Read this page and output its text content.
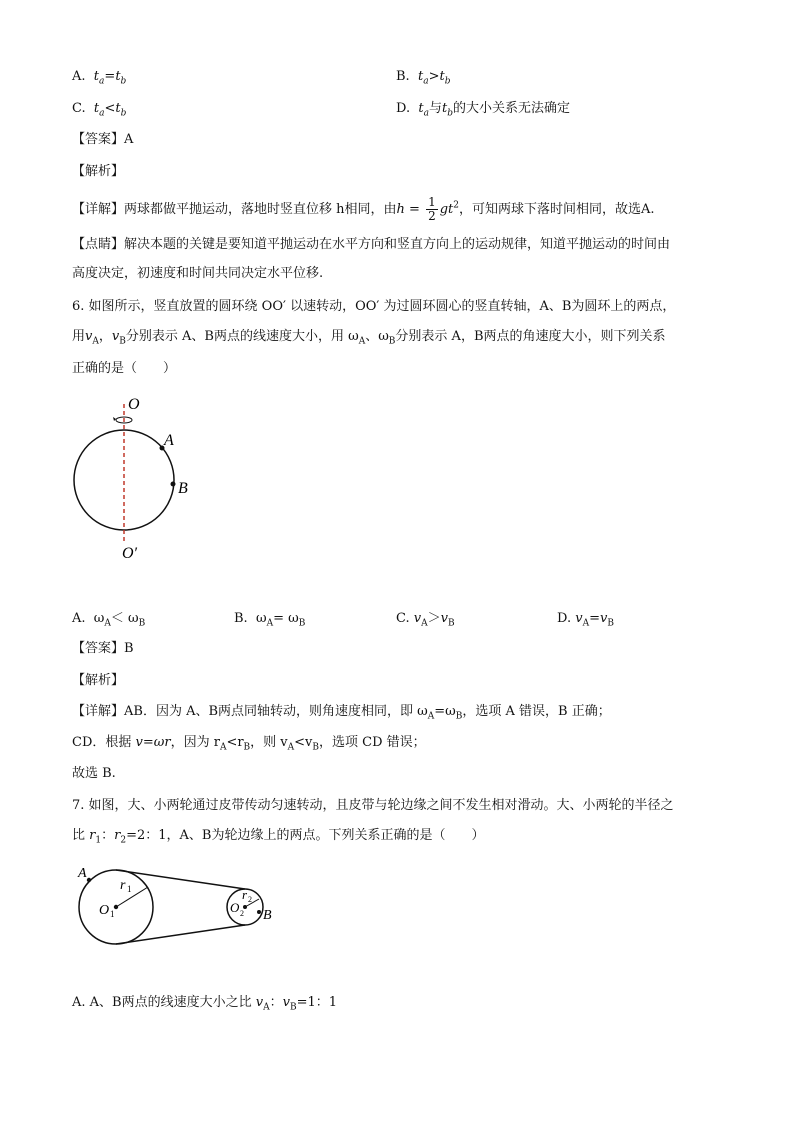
A. $t_a=t_b$	B. $t_a>t_b$
C. $t_a<t_b$	D. $t_a$与$t_b$的大小关系无法确定
【答案】A
【解析】
【详解】两球都做平抛运动，落地时竖直位移 h相同，由$h = \frac{1}{2} gt^2$，可知两球下落时间相同，故选A.
【点睛】解决本题的关键是要知道平抛运动在水平方向和竖直方向上的运动规律，知道平抛运动的时间由
高度决定，初速度和时间共同决定水平位移.
6. 如图所示，竖直放置的圆环绕 OO′ 以速转动，OO′ 为过圆环圆心的竖直转轴，A、B为圆环上的两点，
用$v_A$，$v_B$分别表示 A、B两点的线速度大小，用 $\omega_A$、$\omega_B$分别表示 A，B两点的角速度大小，则下列关系
正确的是（　　）
O
A
B
O′
A. $\omega_A< \omega_B$	B. $\omega_A= \omega_B$	C. $v_A>v_B$	D. $v_A=v_B$
【答案】B
【解析】
【详解】AB．因为 A、B两点同轴转动，则角速度相同，即 $\omega_A=\omega_B$，选项 A 错误，B 正确；
CD．根据 v=ωr，因为 $r_A<r_B$，则 $v_A<v_B$，选项 CD 错误；
故选 B.
7. 如图，大、小两轮通过皮带传动匀速转动，且皮带与轮边缘之间不发生相对滑动。大、小两轮的半径之
比 $r_1$：$r_2=2$：1，A、B为轮边缘上的两点。下列关系正确的是（　　）
A
B
r 1
O 1
r 2
O 2
A. A、B两点的线速度大小之比 $v_A$：$v_B=1$：1
